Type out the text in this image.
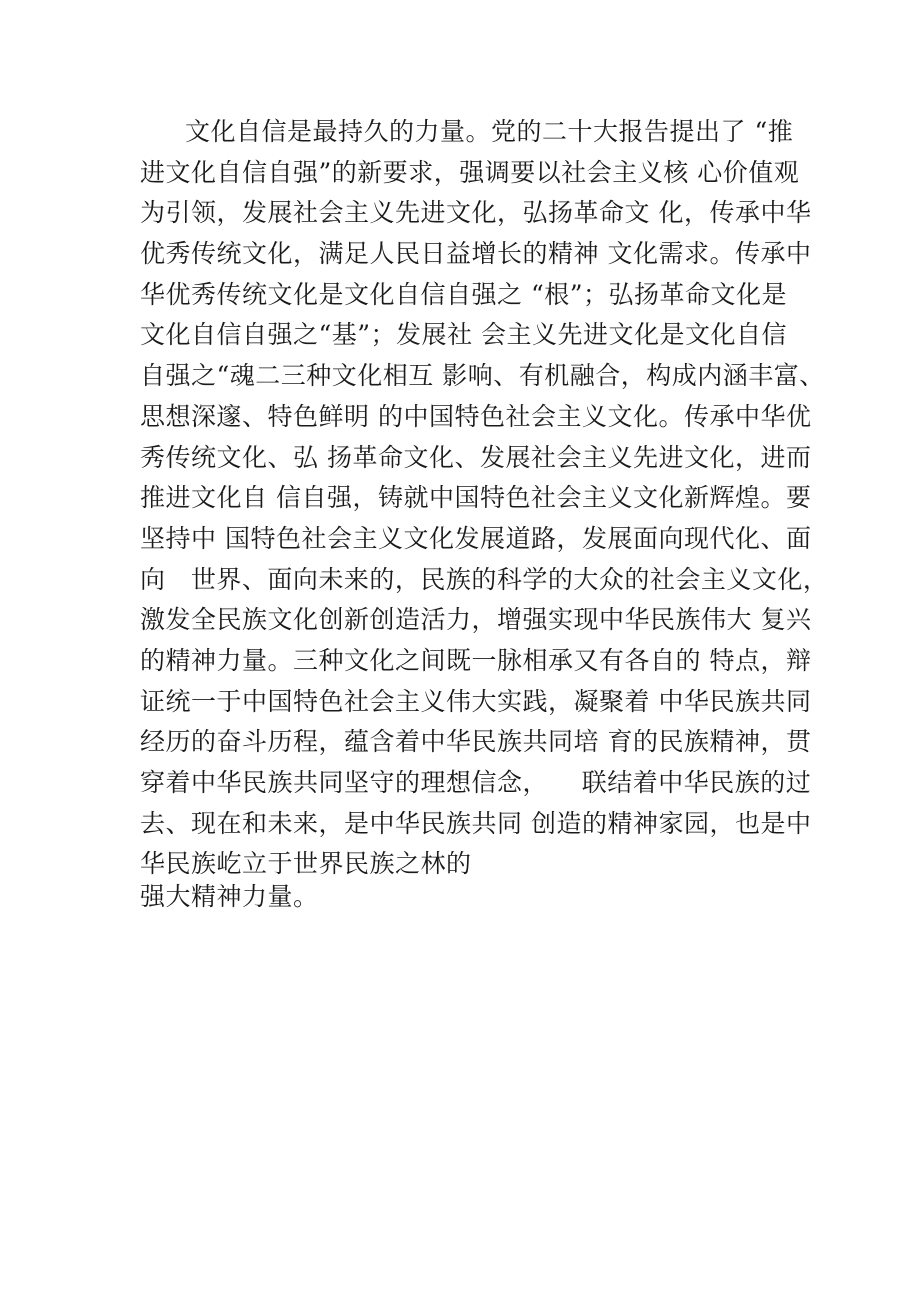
文化自信是最持久的力量。党的二十大报告提出了 “推
进文化自信自强”的新要求，强调要以社会主义核 心价值观
为引领，发展社会主义先进文化，弘扬革命文 化，传承中华
优秀传统文化，满足人民日益增长的精神 文化需求。传承中
华优秀传统文化是文化自信自强之 “根”；弘扬革命文化是
文化自信自强之“基”；发展社 会主义先进文化是文化自信
自强之“魂二三种文化相互 影响、有机融合，构成内涵丰富、
思想深邃、特色鲜明 的中国特色社会主义文化。传承中华优
秀传统文化、弘 扬革命文化、发展社会主义先进文化，进而
推进文化自 信自强，铸就中国特色社会主义文化新辉煌。要
坚持中 国特色社会主义文化发展道路，发展面向现代化、面
向   世界、面向未来的，民族的科学的大众的社会主义文化，
激发全民族文化创新创造活力，增强实现中华民族伟大 复兴
的精神力量。三种文化之间既一脉相承又有各自的 特点，辩
证统一于中国特色社会主义伟大实践，凝聚着 中华民族共同
经历的奋斗历程，蕴含着中华民族共同培 育的民族精神，贯
穿着中华民族共同坚守的理想信念，    联结着中华民族的过
去、现在和未来，是中华民族共同 创造的精神家园，也是中
华民族屹立于世界民族之林的
强大精神力量。
